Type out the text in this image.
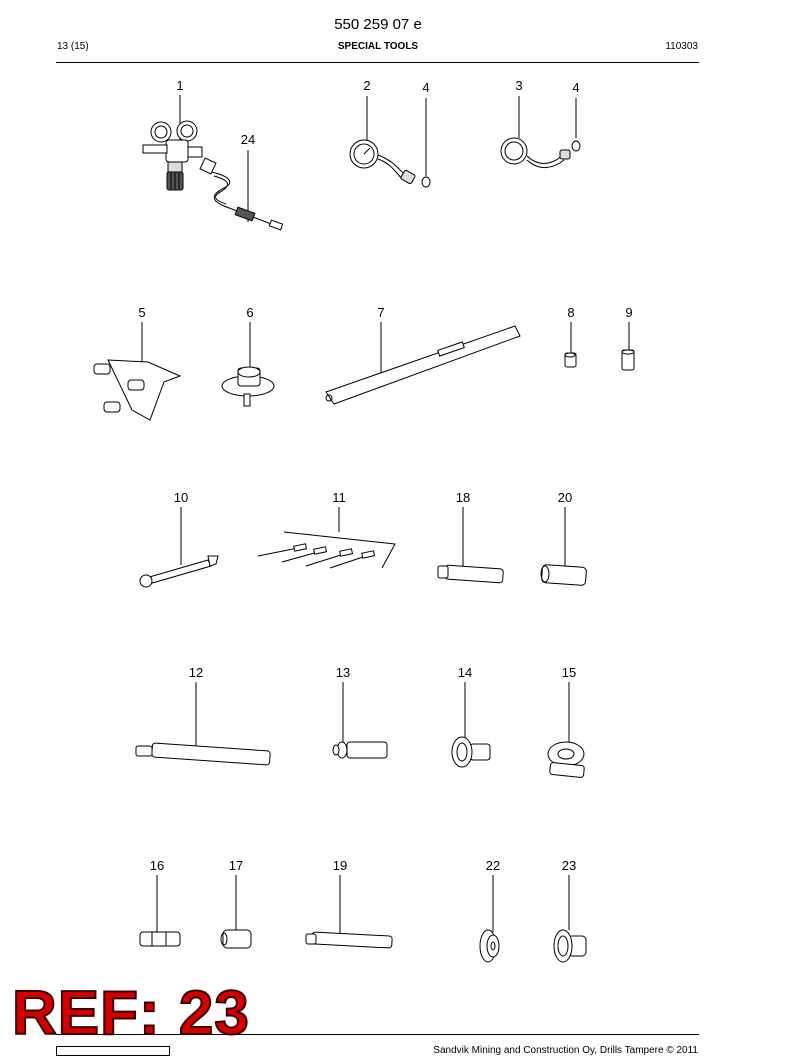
550 259 07 e
13 (15)	SPECIAL TOOLS	110303
1
24
2	4	3	4
5	6	7	8	9
10	11	18	20
12	13	14	15
16	17	19	22	23
Sandvik Mining and Construction Oy, Drills Tampere © 2011
REF: 23
